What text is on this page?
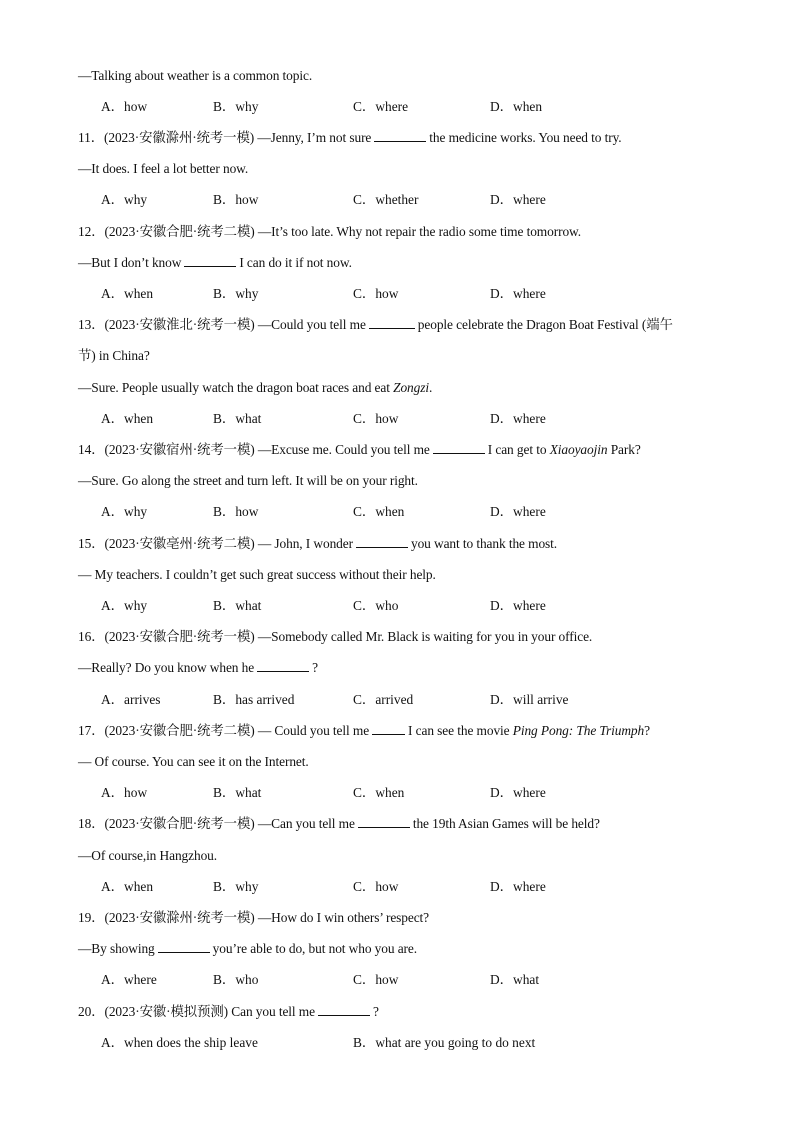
—Talking about weather is a common topic.
A．how	B．why	C．where	D．when
11．(2023·安徽滁州·统考一模) —Jenny, I’m not sure	the medicine works. You need to try.
—It does. I feel a lot better now.
A．why	B．how	C．whether	D．where
12．(2023·安徽合肥·统考二模) —It’s too late. Why not repair the radio some time tomorrow.
—But I don’t know	I can do it if not now.
A．when	B．why	C．how	D．where
13．(2023·安徽淮北·统考一模) —Could you tell me	people celebrate the Dragon Boat Festival (端午
节) in China?
—Sure. People usually watch the dragon boat races and eat Zongzi.
A．when	B．what	C．how	D．where
14．(2023·安徽宿州·统考一模) —Excuse me. Could you tell me	I can get to Xiaoyaojin Park?
—Sure. Go along the street and turn left. It will be on your right.
A．why	B．how	C．when	D．where
15．(2023·安徽亳州·统考二模) — John, I wonder	you want to thank the most.
— My teachers. I couldn’t get such great success without their help.
A．why	B．what	C．who	D．where
16．(2023·安徽合肥·统考一模) —Somebody called Mr. Black is waiting for you in your office.
—Really? Do you know when he	?
A．arrives	B．has arrived	C．arrived	D．will arrive
17．(2023·安徽合肥·统考二模) — Could you tell me	I can see the movie Ping Pong: The Triumph?
— Of course. You can see it on the Internet.
A．how	B．what	C．when	D．where
18．(2023·安徽合肥·统考一模) —Can you tell me	the 19th Asian Games will be held?
—Of course,in Hangzhou.
A．when	B．why	C．how	D．where
19．(2023·安徽滁州·统考一模) —How do I win others’ respect?
—By showing	you’re able to do, but not who you are.
A．where	B．who	C．how	D．what
20．(2023·安徽·模拟预测) Can you tell me	?
A．when does the ship leave	B．what are you going to do next
